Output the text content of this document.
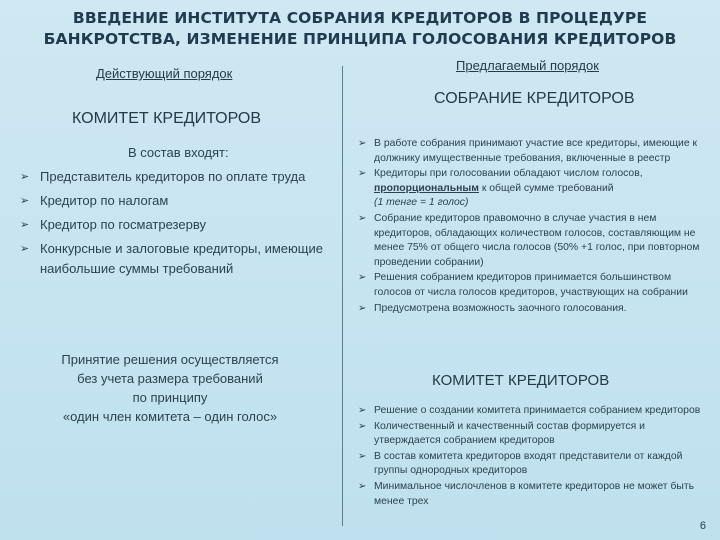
ВВЕДЕНИЕ ИНСТИТУТА СОБРАНИЯ КРЕДИТОРОВ В ПРОЦЕДУРЕ
БАНКРОТСТВА, ИЗМЕНЕНИЕ ПРИНЦИПА ГОЛОСОВАНИЯ КРЕДИТОРОВ
Действующий порядок
КОМИТЕТ КРЕДИТОРОВ
В состав входят:
➢ Представитель кредиторов по оплате труда
➢ Кредитор по налогам
➢ Кредитор по госматрезерву
➢ Конкурсные и залоговые кредиторы, имеющие наибольшие суммы требований
Принятие решения осуществляется
без учета размера требований
по принципу
«один член комитета – один голос»
Предлагаемый порядок
СОБРАНИЕ КРЕДИТОРОВ
➢ В работе собрания принимают участие все кредиторы, имеющие к должнику имущественные требования, включенные в реестр
➢ Кредиторы при голосовании обладают числом голосов, пропорциональным к общей сумме требований
(1 тенге = 1 голос)
➢ Собрание кредиторов правомочно в случае участия в нем кредиторов, обладающих количеством голосов, составляющим не менее 75% от общего числа голосов (50% +1 голос, при повторном проведении собрании)
➢ Решения собранием кредиторов принимается большинством голосов от числа голосов кредиторов, участвующих на собрании
➢ Предусмотрена возможность заочного голосования.
КОМИТЕТ КРЕДИТОРОВ
➢ Решение о создании комитета принимается собранием кредиторов
➢ Количественный и качественный состав формируется и утверждается собранием кредиторов
➢ В состав комитета кредиторов входят представители от каждой группы однородных кредиторов
➢ Минимальное числочленов в комитете кредиторов не может быть менее трех
6
